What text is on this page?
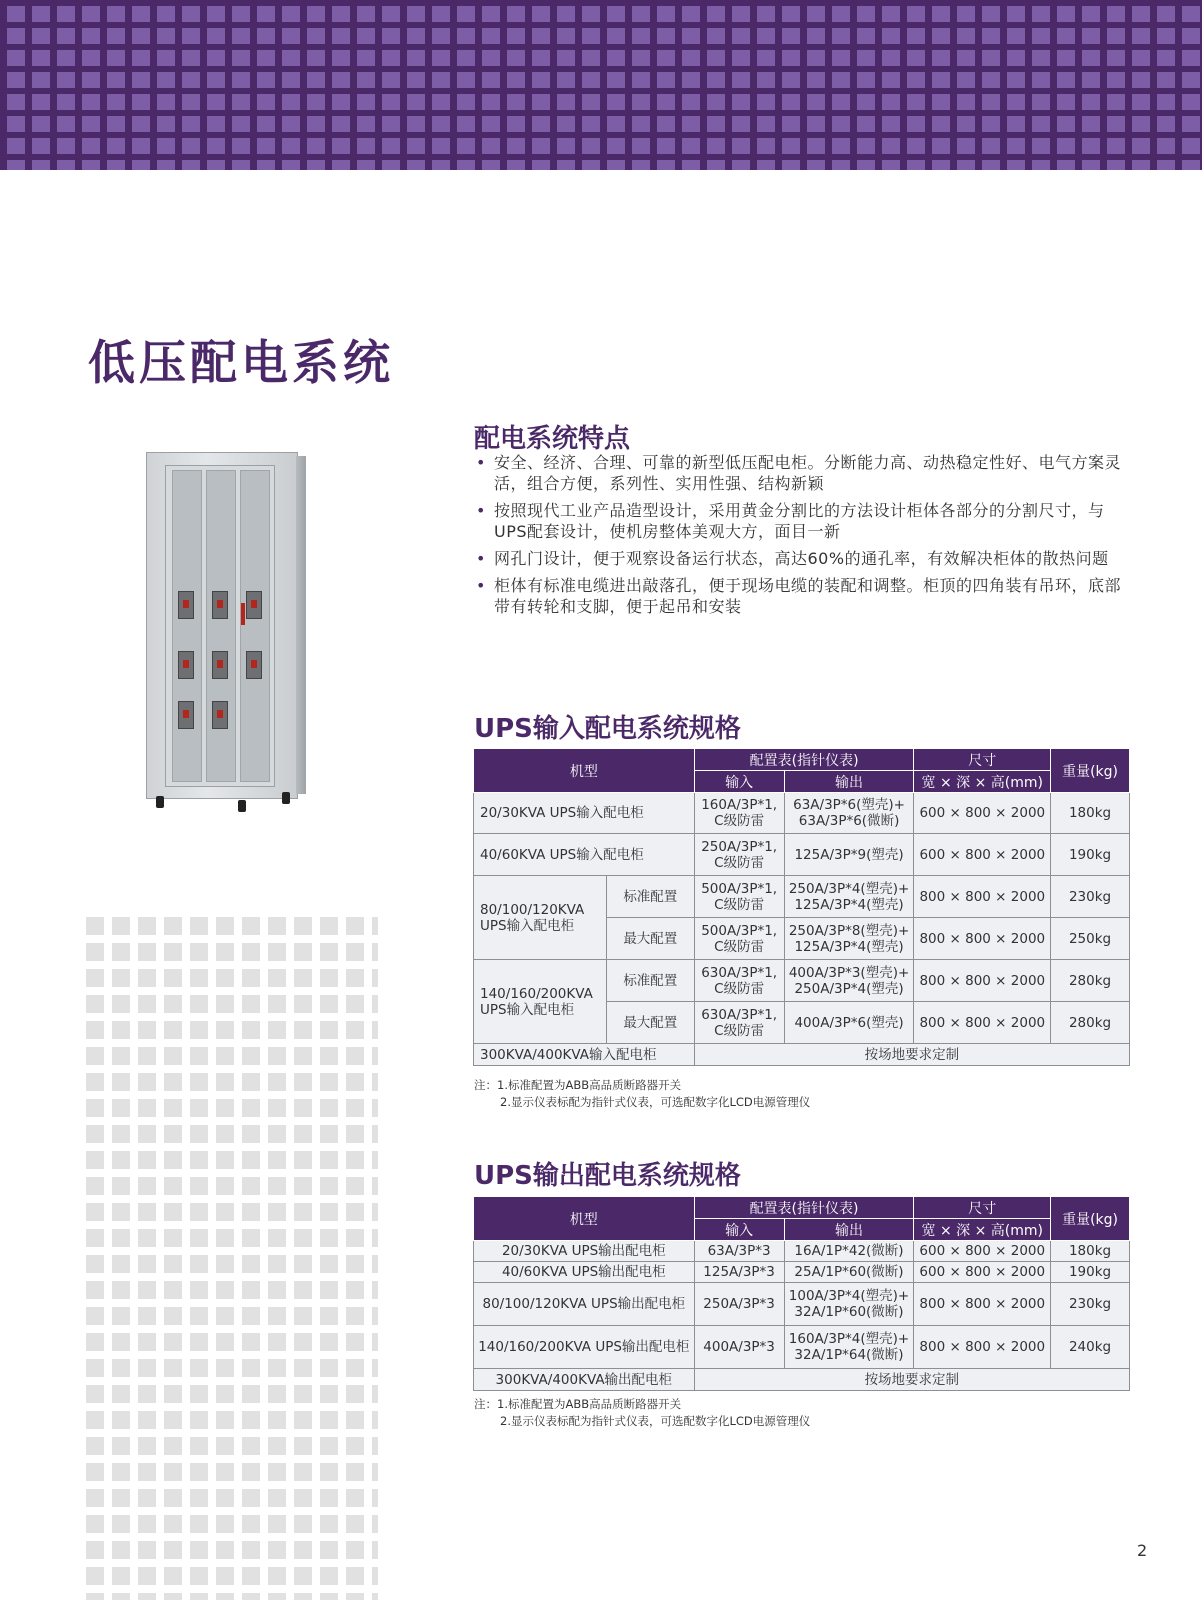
低压配电系统
配电系统特点
• 安全、经济、合理、可靠的新型低压配电柜。分断能力高、动热稳定性好、电气方案灵活，组合方便，系列性、实用性强、结构新颖
• 按照现代工业产品造型设计，采用黄金分割比的方法设计柜体各部分的分割尺寸，与UPS配套设计，使机房整体美观大方，面目一新
• 网孔门设计，便于观察设备运行状态，高达60%的通孔率，有效解决柜体的散热问题
• 柜体有标准电缆进出敲落孔，便于现场电缆的装配和调整。柜顶的四角装有吊环，底部带有转轮和支脚，便于起吊和安装
UPS输入配电系统规格
机型		配置表(指针仪表)		尺寸	重量(kg)
		输入	输出	宽 × 深 × 高(mm)	
20/30KVA UPS输入配电柜		160A/3P*1, C级防雷	63A/3P*6(塑壳)+ 63A/3P*6(微断)	600 × 800 × 2000	180kg
40/60KVA UPS输入配电柜		250A/3P*1, C级防雷	125A/3P*9(塑壳)	600 × 800 × 2000	190kg
80/100/120KVA UPS输入配电柜	标准配置	500A/3P*1, C级防雷	250A/3P*4(塑壳)+ 125A/3P*4(塑壳)	800 × 800 × 2000	230kg
	最大配置	500A/3P*1, C级防雷	250A/3P*8(塑壳)+ 125A/3P*4(塑壳)	800 × 800 × 2000	250kg
140/160/200KVA UPS输入配电柜	标准配置	630A/3P*1, C级防雷	400A/3P*3(塑壳)+ 250A/3P*4(塑壳)	800 × 800 × 2000	280kg
	最大配置	630A/3P*1, C级防雷	400A/3P*6(塑壳)	800 × 800 × 2000	280kg
300KVA/400KVA输入配电柜		按场地要求定制			
注：1.标准配置为ABB高品质断路器开关
2.显示仪表标配为指针式仪表，可选配数字化LCD电源管理仪
UPS输出配电系统规格
机型	配置表(指针仪表)		尺寸	重量(kg)
	输入	输出	宽 × 深 × 高(mm)	
20/30KVA UPS输出配电柜	63A/3P*3	16A/1P*42(微断)	600 × 800 × 2000	180kg
40/60KVA UPS输出配电柜	125A/3P*3	25A/1P*60(微断)	600 × 800 × 2000	190kg
80/100/120KVA UPS输出配电柜	250A/3P*3	100A/3P*4(塑壳)+ 32A/1P*60(微断)	800 × 800 × 2000	230kg
140/160/200KVA UPS输出配电柜	400A/3P*3	160A/3P*4(塑壳)+ 32A/1P*64(微断)	800 × 800 × 2000	240kg
300KVA/400KVA输出配电柜	按场地要求定制			
注：1.标准配置为ABB高品质断路器开关
2.显示仪表标配为指针式仪表，可选配数字化LCD电源管理仪
2
